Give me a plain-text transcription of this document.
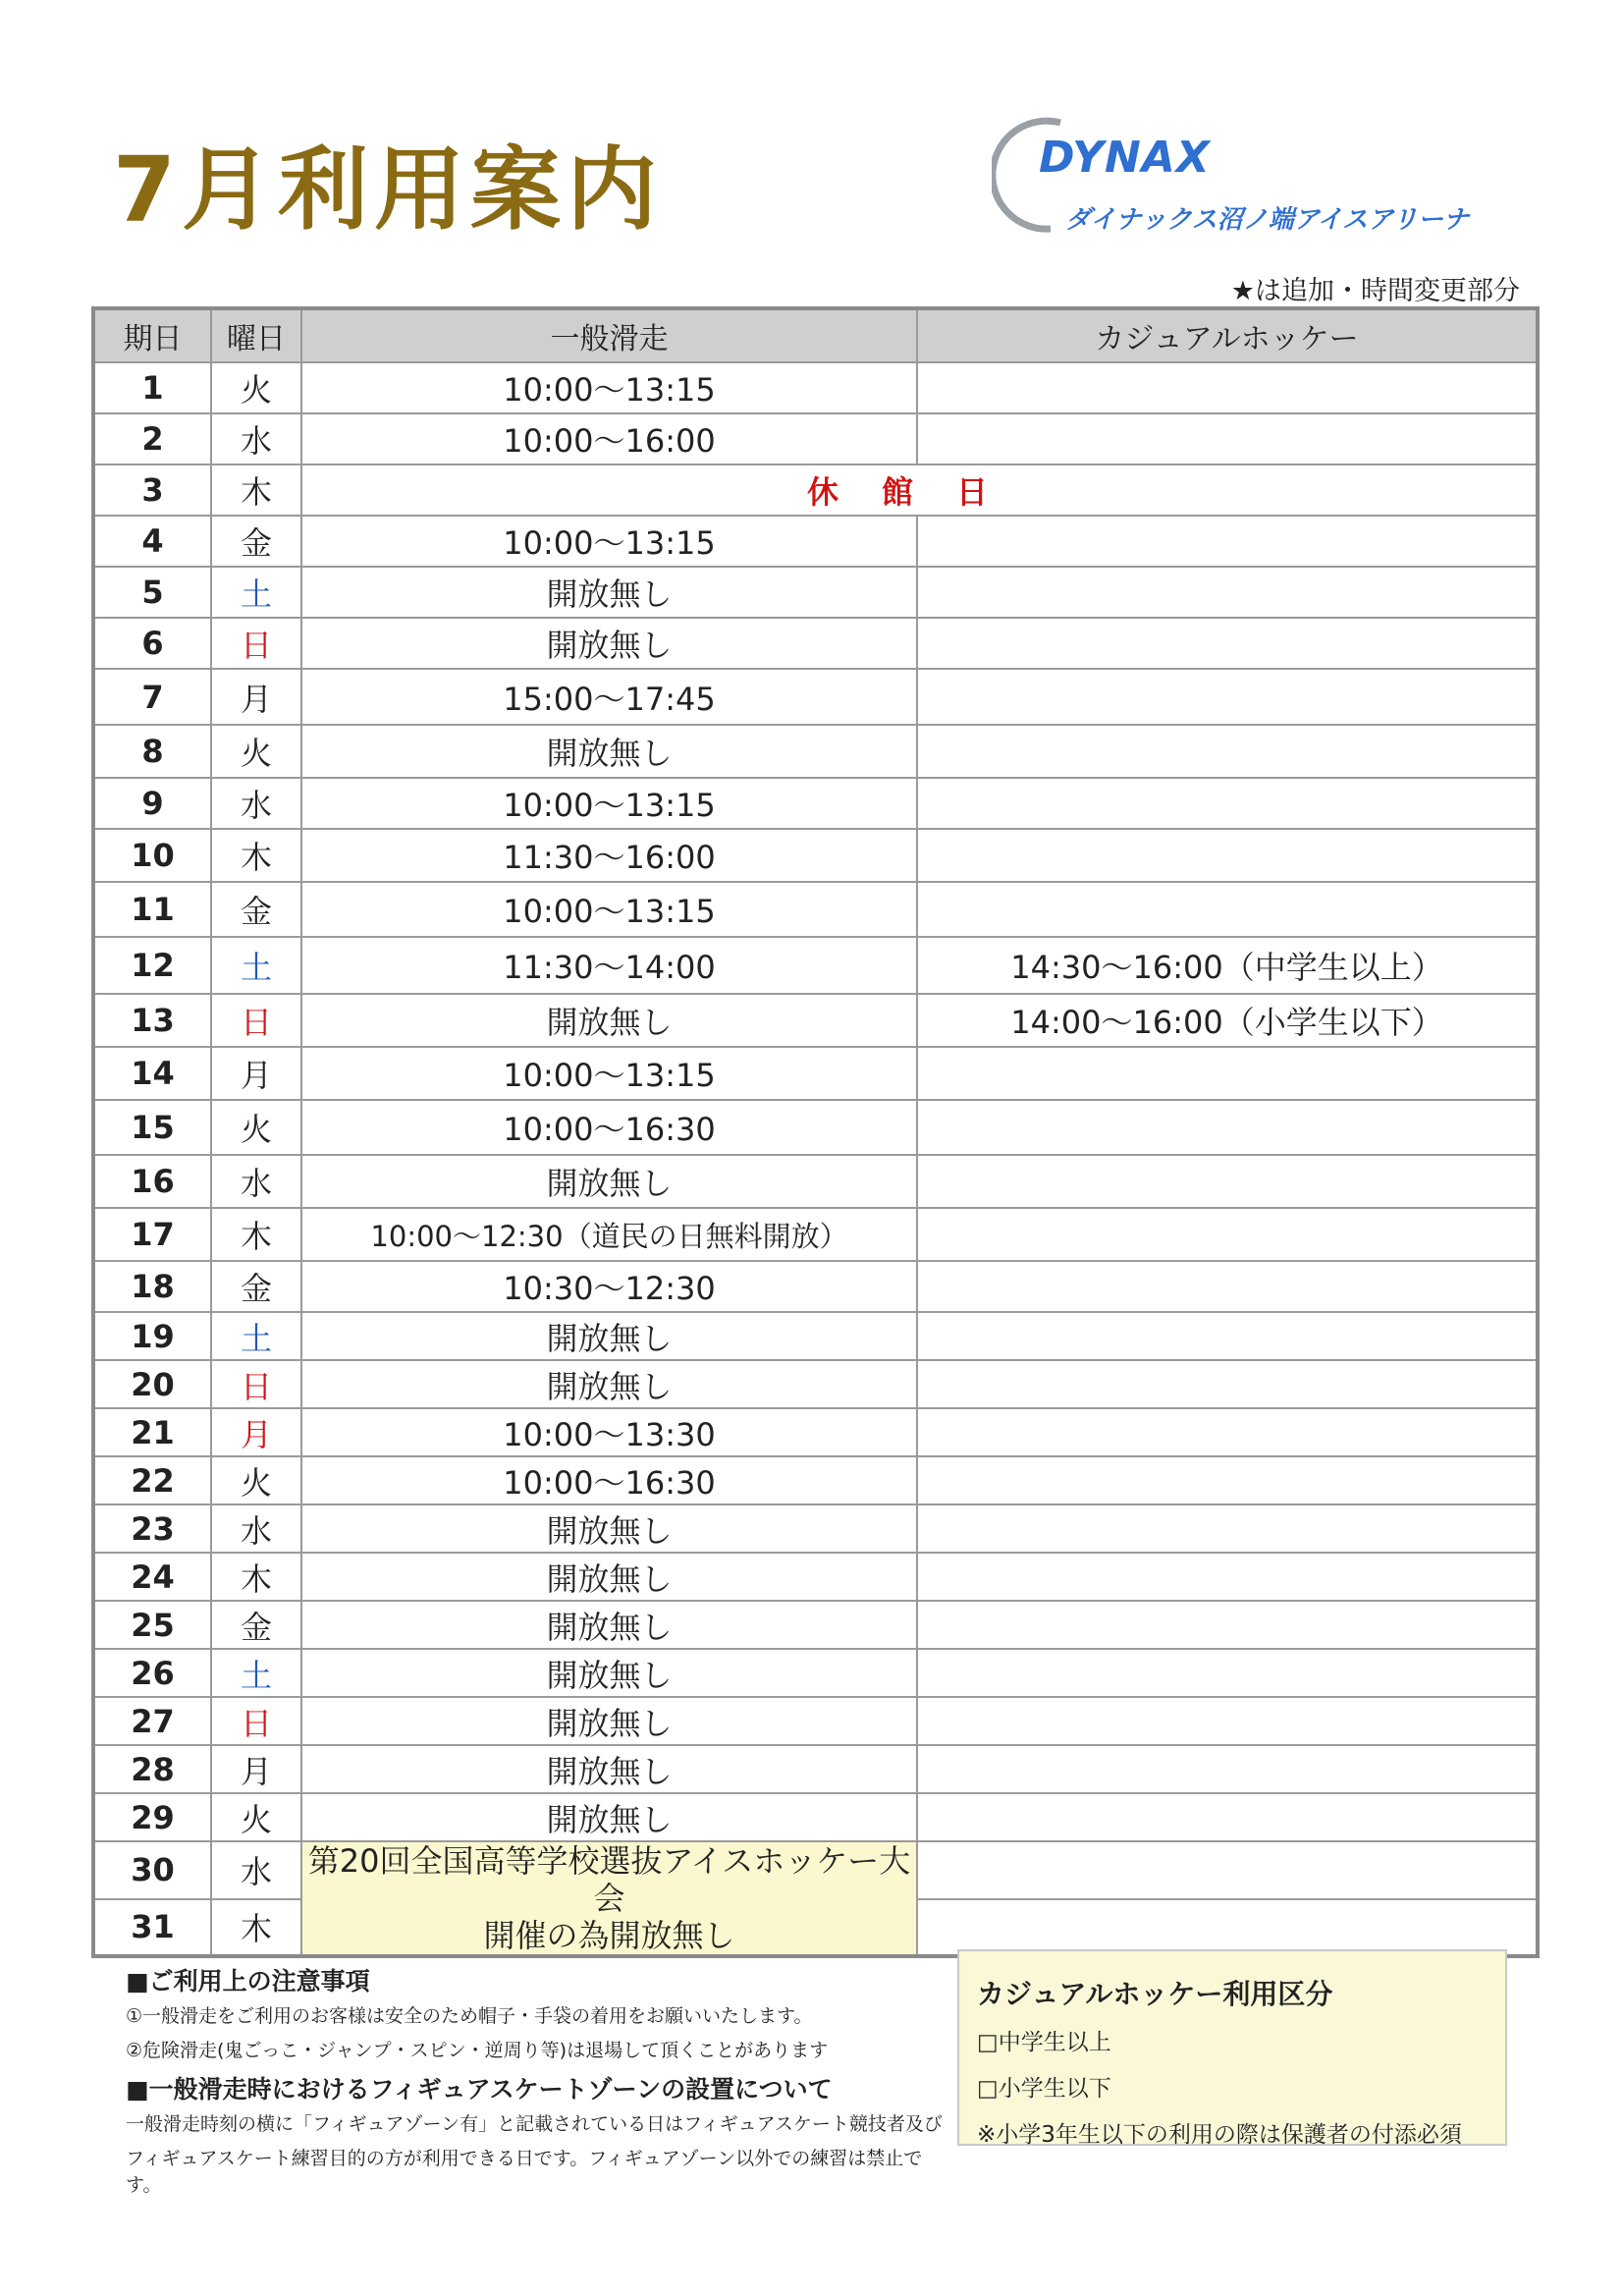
7月利用案内	DYNAX
ダイナックス沼ノ端アイスアリーナ
★は追加・時間変更部分
期日	曜日	一般滑走	カジュアルホッケー
1	火	10:00～13:15	
2	水	10:00～16:00	
3	木	休館日	
4	金	10:00～13:15	
5	土	開放無し	
6	日	開放無し	
7	月	15:00～17:45	
8	火	開放無し	
9	水	10:00～13:15	
10	木	11:30～16:00	
11	金	10:00～13:15	
12	土	11:30～14:00	14:30～16:00（中学生以上）
13	日	開放無し	14:00～16:00（小学生以下）
14	月	10:00～13:15	
15	火	10:00～16:30	
16	水	開放無し	
17	木	10:00～12:30（道民の日無料開放）	
18	金	10:30～12:30	
19	土	開放無し	
20	日	開放無し	
21	月	10:00～13:30	
22	火	10:00～16:30	
23	水	開放無し	
24	木	開放無し	
25	金	開放無し	
26	土	開放無し	
27	日	開放無し	
28	月	開放無し	
29	火	開放無し	
30	水	第20回全国高等学校選抜アイスホッケー大会
開催の為開放無し	

31	木		
■ご利用上の注意事項
①一般滑走をご利用のお客様は安全のため帽子・手袋の着用をお願いいたします。
②危険滑走(鬼ごっこ・ジャンプ・スピン・逆周り等)は退場して頂くことがあります
■一般滑走時におけるフィギュアスケートゾーンの設置について
一般滑走時刻の横に「フィギュアゾーン有」と記載されている日はフィギュアスケート競技者及び
フィギュアスケート練習目的の方が利用できる日です。フィギュアゾーン以外での練習は禁止です。
カジュアルホッケー利用区分
□中学生以上
□小学生以下
※小学3年生以下の利用の際は保護者の付添必須
